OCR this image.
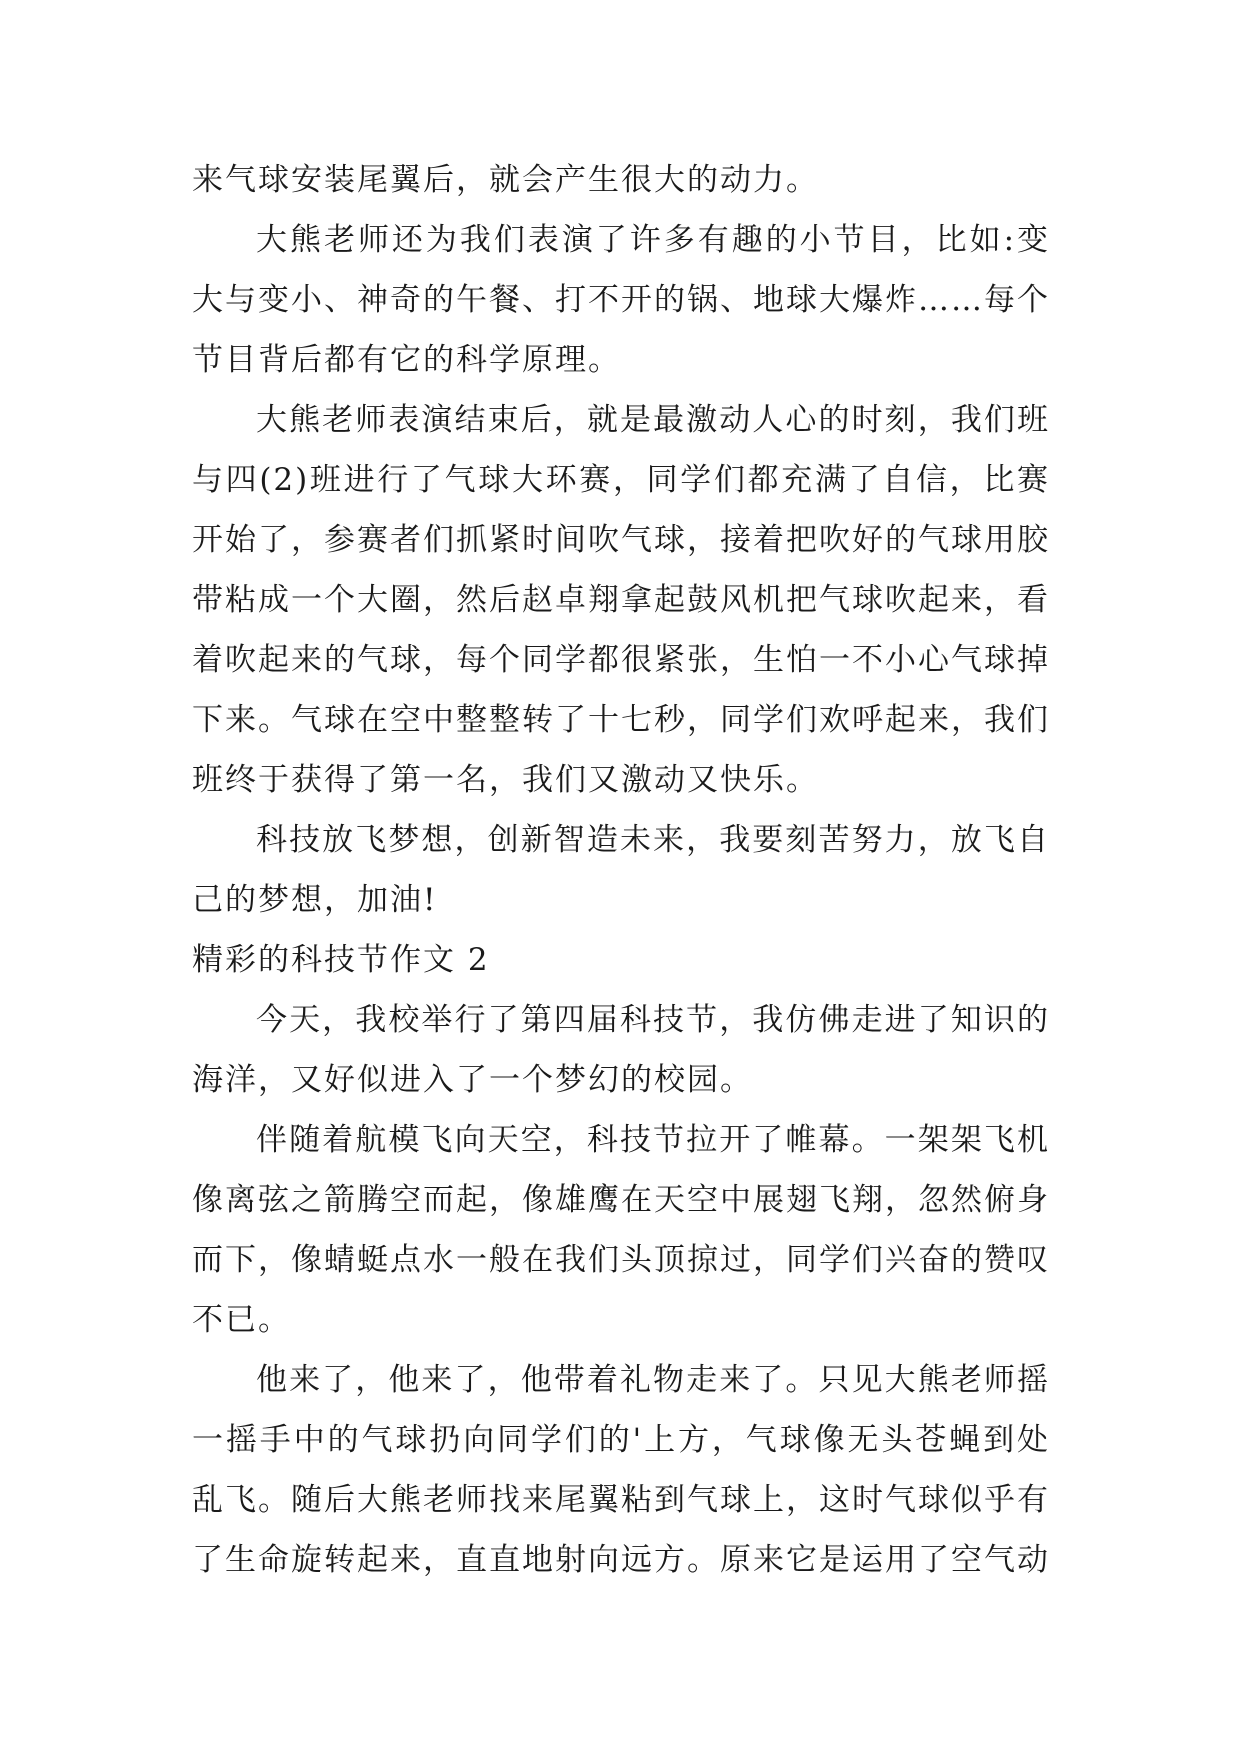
来气球安装尾翼后，就会产生很大的动力。

大熊老师还为我们表演了许多有趣的小节目，比如:变大与变小、神奇的午餐、打不开的锅、地球大爆炸……每个节目背后都有它的科学原理。

大熊老师表演结束后，就是最激动人心的时刻，我们班与四(2)班进行了气球大环赛，同学们都充满了自信，比赛开始了，参赛者们抓紧时间吹气球，接着把吹好的气球用胶带粘成一个大圈，然后赵卓翔拿起鼓风机把气球吹起来，看着吹起来的气球，每个同学都很紧张，生怕一不小心气球掉下来。气球在空中整整转了十七秒，同学们欢呼起来，我们班终于获得了第一名，我们又激动又快乐。

科技放飞梦想，创新智造未来，我要刻苦努力，放飞自己的梦想，加油!

精彩的科技节作文 2

今天，我校举行了第四届科技节，我仿佛走进了知识的海洋，又好似进入了一个梦幻的校园。

伴随着航模飞向天空，科技节拉开了帷幕。一架架飞机像离弦之箭腾空而起，像雄鹰在天空中展翅飞翔，忽然俯身而下，像蜻蜓点水一般在我们头顶掠过，同学们兴奋的赞叹不已。

他来了，他来了，他带着礼物走来了。只见大熊老师摇一摇手中的气球扔向同学们的'上方，气球像无头苍蝇到处乱飞。随后大熊老师找来尾翼粘到气球上，这时气球似乎有了生命旋转起来，直直地射向远方。原来它是运用了空气动
